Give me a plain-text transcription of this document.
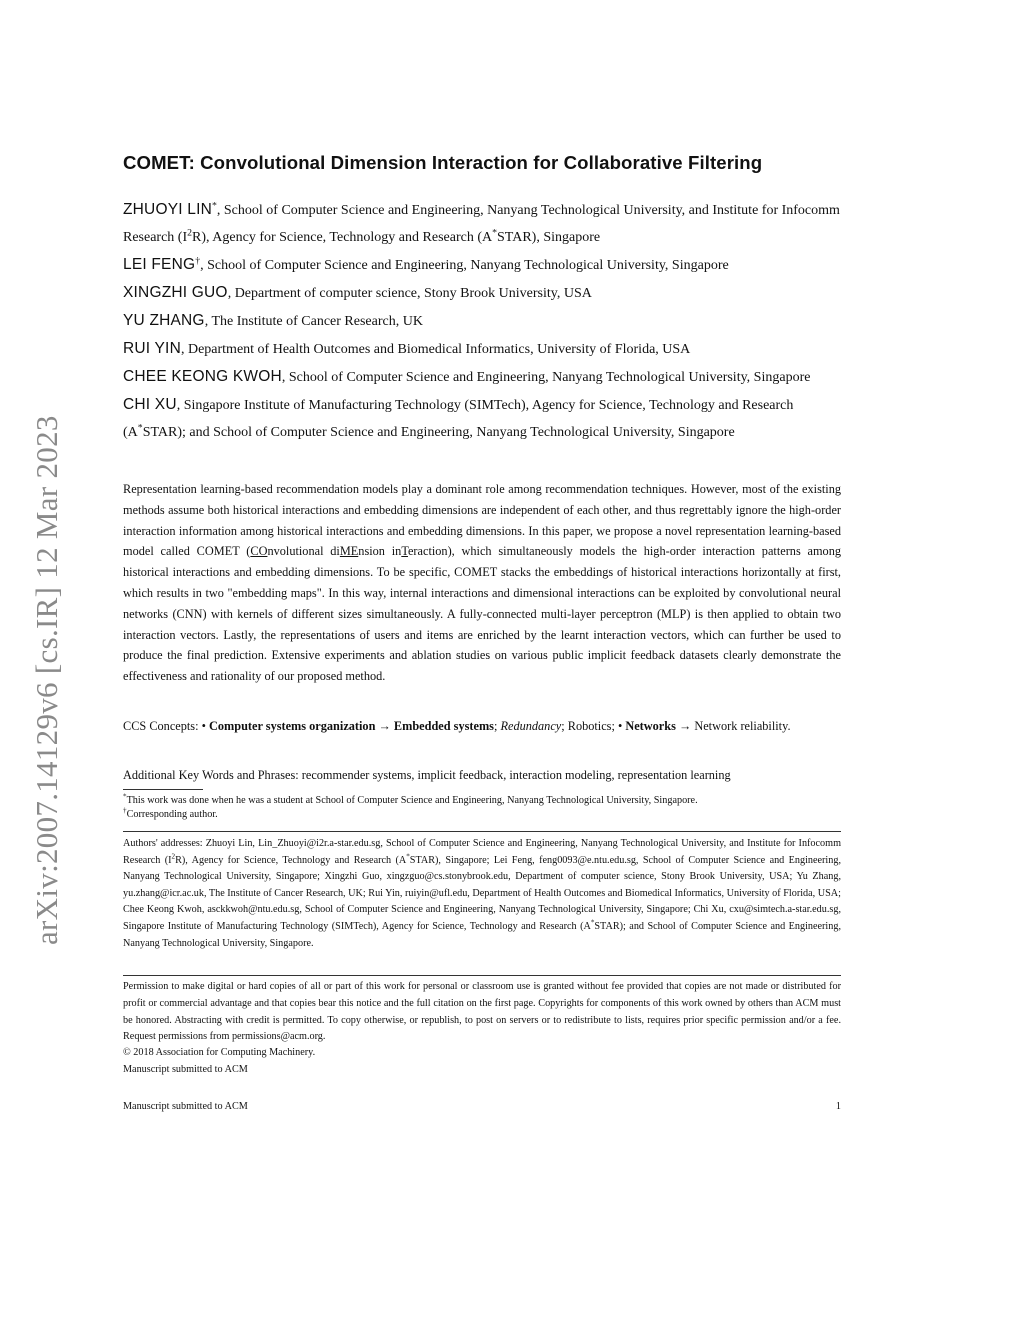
arXiv:2007.14129v6 [cs.IR] 12 Mar 2023
COMET: Convolutional Dimension Interaction for Collaborative Filtering

ZHUOYI LIN*, School of Computer Science and Engineering, Nanyang Technological University, and Institute for Infocomm Research $(I^2R)$, Agency for Science, Technology and Research (A*STAR), Singapore

LEI FENG†, School of Computer Science and Engineering, Nanyang Technological University, Singapore

XINGZHI GUO, Department of computer science, Stony Brook University, USA

YU ZHANG, The Institute of Cancer Research, UK

RUI YIN, Department of Health Outcomes and Biomedical Informatics, University of Florida, USA

CHEE KEONG KWOH, School of Computer Science and Engineering, Nanyang Technological University, Singapore

CHI XU, Singapore Institute of Manufacturing Technology (SIMTech), Agency for Science, Technology and Research (A*STAR); and School of Computer Science and Engineering, Nanyang Technological University, Singapore

Representation learning-based recommendation models play a dominant role among recommendation techniques. However, most of the existing methods assume both historical interactions and embedding dimensions are independent of each other, and thus regrettably ignore the high-order interaction information among historical interactions and embedding dimensions. In this paper, we propose a novel representation learning-based model called COMET (COnvolutional diMEnsion inTeraction), which simultaneously models the high-order interaction patterns among historical interactions and embedding dimensions. To be specific, COMET stacks the embeddings of historical interactions horizontally at first, which results in two "embedding maps". In this way, internal interactions and dimensional interactions can be exploited by convolutional neural networks (CNN) with kernels of different sizes simultaneously. A fully-connected multi-layer perceptron (MLP) is then applied to obtain two interaction vectors. Lastly, the representations of users and items are enriched by the learnt interaction vectors, which can further be used to produce the final prediction. Extensive experiments and ablation studies on various public implicit feedback datasets clearly demonstrate the effectiveness and rationality of our proposed method.

CCS Concepts: • Computer systems organization → Embedded systems; Redundancy; Robotics; • Networks → Network reliability.

Additional Key Words and Phrases: recommender systems, implicit feedback, interaction modeling, representation learning

*This work was done when he was a student at School of Computer Science and Engineering, Nanyang Technological University, Singapore.

†Corresponding author.

Authors' addresses: Zhuoyi Lin, Lin_Zhuoyi@i2r.a-star.edu.sg, School of Computer Science and Engineering, Nanyang Technological University, and Institute for Infocomm Research $(I^2R)$, Agency for Science, Technology and Research (A*STAR), Singapore; Lei Feng, feng0093@e.ntu.edu.sg, School of Computer Science and Engineering, Nanyang Technological University, Singapore; Xingzhi Guo, xingzguo@cs.stonybrook.edu, Department of computer science, Stony Brook University, USA; Yu Zhang, yu.zhang@icr.ac.uk, The Institute of Cancer Research, UK; Rui Yin, ruiyin@ufl.edu, Department of Health Outcomes and Biomedical Informatics, University of Florida, USA; Chee Keong Kwoh, asckkwoh@ntu.edu.sg, School of Computer Science and Engineering, Nanyang Technological University, Singapore; Chi Xu, cxu@simtech.a-star.edu.sg, Singapore Institute of Manufacturing Technology (SIMTech), Agency for Science, Technology and Research (A*STAR); and School of Computer Science and Engineering, Nanyang Technological University, Singapore.

Permission to make digital or hard copies of all or part of this work for personal or classroom use is granted without fee provided that copies are not made or distributed for profit or commercial advantage and that copies bear this notice and the full citation on the first page. Copyrights for components of this work owned by others than ACM must be honored. Abstracting with credit is permitted. To copy otherwise, or republish, to post on servers or to redistribute to lists, requires prior specific permission and/or a fee. Request permissions from permissions@acm.org.

© 2018 Association for Computing Machinery.

Manuscript submitted to ACM

Manuscript submitted to ACM	1
